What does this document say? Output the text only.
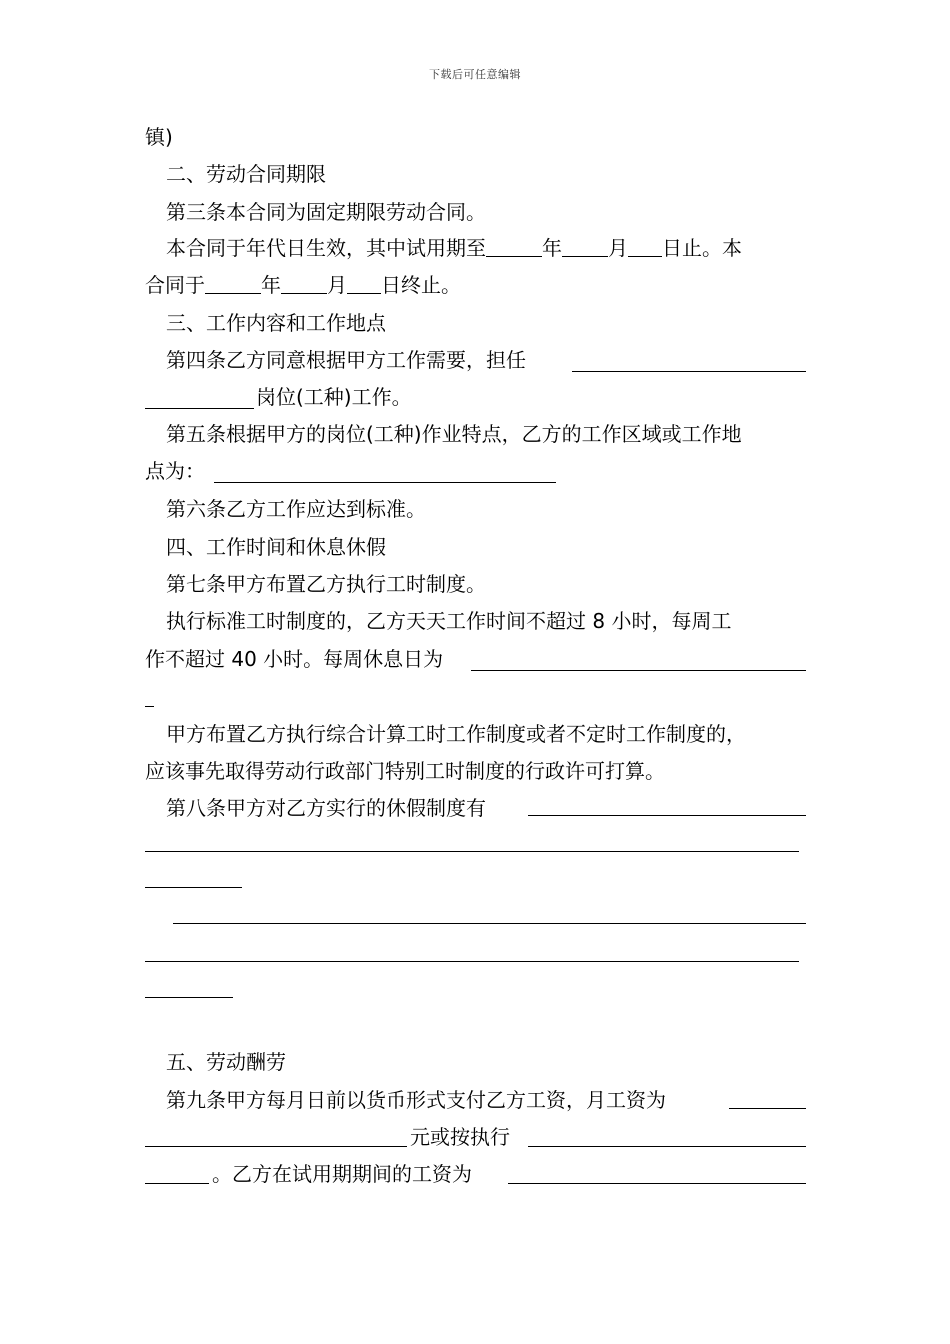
下载后可任意编辑
镇)
二、劳动合同期限
第三条本合同为固定期限劳动合同。
本合同于年代日生效，其中试用期至	年 月 日止。本
合同于	年 月 日终止。
三、工作内容和工作地点
第四条乙方同意根据甲方工作需要，担任
岗位(工种)工作。
第五条根据甲方的岗位(工种)作业特点，乙方的工作区域或工作地
点为：
第六条乙方工作应达到标准。
四、工作时间和休息休假
第七条甲方布置乙方执行工时制度。
执行标准工时制度的，乙方天天工作时间不超过 8 小时，每周工
作不超过 40 小时。每周休息日为
甲方布置乙方执行综合计算工时工作制度或者不定时工作制度的，
应该事先取得劳动行政部门特别工时制度的行政许可打算。
第八条甲方对乙方实行的休假制度有
五、劳动酬劳
第九条甲方每月日前以货币形式支付乙方工资，月工资为
元或按执行
。乙方在试用期期间的工资为
